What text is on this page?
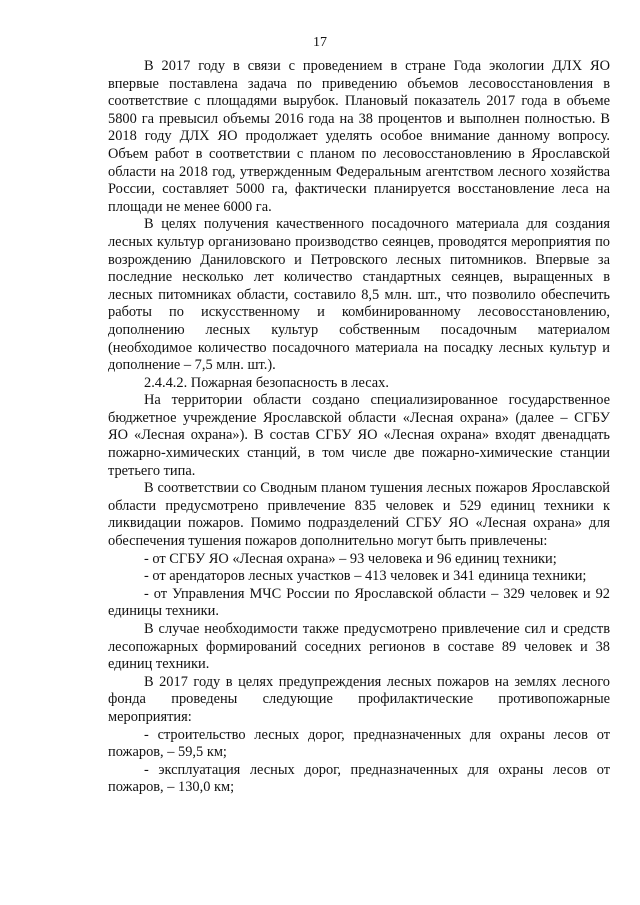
17

В 2017 году в связи с проведением в стране Года экологии ДЛХ ЯО впервые поставлена задача по приведению объемов лесовосстановления в соответствие с площадями вырубок. Плановый показатель 2017 года в объеме 5800 га превысил объемы 2016 года на 38 процентов и выполнен полностью. В 2018 году ДЛХ ЯО продолжает уделять особое внимание данному вопросу. Объем работ в соответствии с планом по лесовосстановлению в Ярославской области на 2018 год, утвержденным Федеральным агентством лесного хозяйства России, составляет 5000 га, фактически планируется восстановление леса на площади не менее 6000 га.

В целях получения качественного посадочного материала для создания лесных культур организовано производство сеянцев, проводятся мероприятия по возрождению Даниловского и Петровского лесных питомников. Впервые за последние несколько лет количество стандартных сеянцев, выращенных в лесных питомниках области, составило 8,5 млн. шт., что позволило обеспечить работы по искусственному и комбинированному лесовосстановлению, дополнению лесных культур собственным посадочным материалом (необходимое количество посадочного материала на посадку лесных культур и дополнение – 7,5 млн. шт.).

2.4.4.2. Пожарная безопасность в лесах.

На территории области создано специализированное государственное бюджетное учреждение Ярославской области «Лесная охрана» (далее – СГБУ ЯО «Лесная охрана»). В состав СГБУ ЯО «Лесная охрана» входят двенадцать пожарно-химических станций, в том числе две пожарно-химические станции третьего типа.

В соответствии со Сводным планом тушения лесных пожаров Ярославской области предусмотрено привлечение 835 человек и 529 единиц техники к ликвидации пожаров. Помимо подразделений СГБУ ЯО «Лесная охрана» для обеспечения тушения пожаров дополнительно могут быть привлечены:

- от СГБУ ЯО «Лесная охрана» – 93 человека и 96 единиц техники;

- от арендаторов лесных участков – 413 человек и 341 единица техники;

- от Управления МЧС России по Ярославской области – 329 человек и 92 единицы техники.

В случае необходимости также предусмотрено привлечение сил и средств лесопожарных формирований соседних регионов в составе 89 человек и 38 единиц техники.

В 2017 году в целях предупреждения лесных пожаров на землях лесного фонда проведены следующие профилактические противопожарные мероприятия:

- строительство лесных дорог, предназначенных для охраны лесов от пожаров, – 59,5 км;

- эксплуатация лесных дорог, предназначенных для охраны лесов от пожаров, – 130,0 км;
